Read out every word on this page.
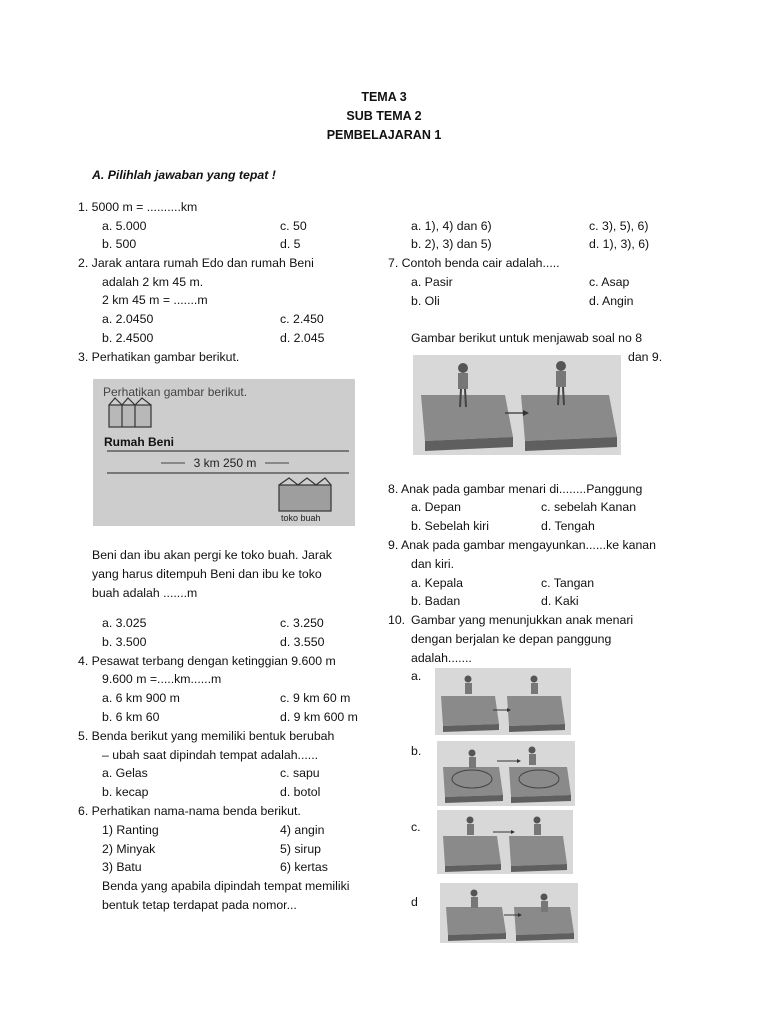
TEMA 3
SUB TEMA 2
PEMBELAJARAN 1
A. Pilihlah jawaban yang tepat !
1. 5000 m = ..........km
a. 5.000	c. 50
b. 500	d. 5
2. Jarak antara rumah Edo dan rumah Beni
adalah 2 km 45 m.
2 km 45 m = .......m
a. 2.0450	c. 2.450
b. 2.4500	d. 2.045
3. Perhatikan gambar berikut.
Perhatikan gambar berikut.
Rumah Beni
3 km 250 m
toko buah
Beni dan ibu akan pergi ke toko buah. Jarak
yang harus ditempuh Beni dan ibu ke toko
buah adalah .......m
a. 3.025	c. 3.250
b. 3.500	d. 3.550
4. Pesawat terbang dengan ketinggian 9.600 m
9.600 m =.....km......m
a. 6 km 900 m	c. 9 km 60 m
b. 6 km 60	d. 9 km 600 m
5. Benda berikut yang memiliki bentuk berubah
– ubah saat dipindah tempat adalah......
a. Gelas	c. sapu
b. kecap	d. botol
6. Perhatikan nama-nama benda berikut.
1) Ranting	4) angin
2) Minyak	5) sirup
3) Batu	6) kertas
Benda yang apabila dipindah tempat memiliki
bentuk tetap terdapat pada nomor...
a. 1), 4) dan 6)	c. 3), 5), 6)
b. 2), 3) dan 5)	d. 1), 3), 6)
7. Contoh benda cair adalah.....
a. Pasir	c. Asap
b. Oli	d. Angin
Gambar berikut untuk menjawab soal no 8
dan 9.
8. Anak pada gambar menari di........Panggung
a. Depan	c. sebelah Kanan
b. Sebelah kiri	d. Tengah
9. Anak pada gambar mengayunkan......ke kanan
dan kiri.
a. Kepala	c. Tangan
b. Badan	d. Kaki
10. Gambar yang menunjukkan anak menari
dengan berjalan ke depan panggung
adalah.......
a.
b.
c.
d
